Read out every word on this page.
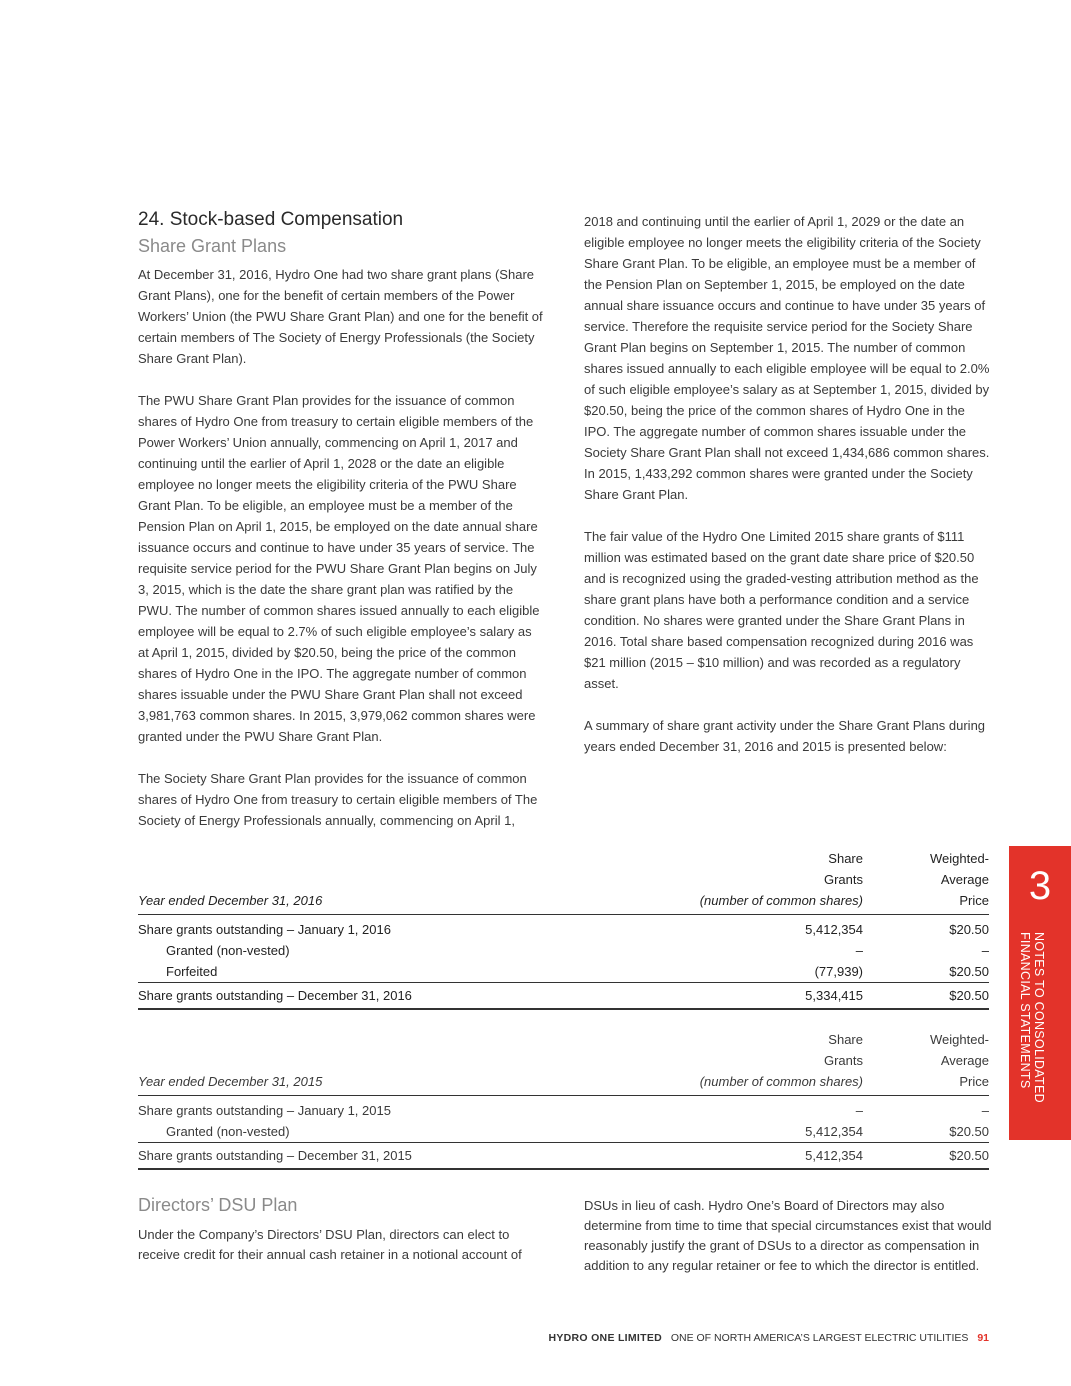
24. Stock-based Compensation
Share Grant Plans

At December 31, 2016, Hydro One had two share grant plans (Share Grant Plans), one for the benefit of certain members of the Power Workers’ Union (the PWU Share Grant Plan) and one for the benefit of certain members of The Society of Energy Professionals (the Society Share Grant Plan).

The PWU Share Grant Plan provides for the issuance of common shares of Hydro One from treasury to certain eligible members of the Power Workers’ Union annually, commencing on April 1, 2017 and continuing until the earlier of April 1, 2028 or the date an eligible employee no longer meets the eligibility criteria of the PWU Share Grant Plan. To be eligible, an employee must be a member of the Pension Plan on April 1, 2015, be employed on the date annual share issuance occurs and continue to have under 35 years of service. The requisite service period for the PWU Share Grant Plan begins on July 3, 2015, which is the date the share grant plan was ratified by the PWU. The number of common shares issued annually to each eligible employee will be equal to 2.7% of such eligible employee’s salary as at April 1, 2015, divided by $20.50, being the price of the common shares of Hydro One in the IPO. The aggregate number of common shares issuable under the PWU Share Grant Plan shall not exceed 3,981,763 common shares. In 2015, 3,979,062 common shares were granted under the PWU Share Grant Plan.

The Society Share Grant Plan provides for the issuance of common shares of Hydro One from treasury to certain eligible members of The Society of Energy Professionals annually, commencing on April 1,

2018 and continuing until the earlier of April 1, 2029 or the date an eligible employee no longer meets the eligibility criteria of the Society Share Grant Plan. To be eligible, an employee must be a member of the Pension Plan on September 1, 2015, be employed on the date annual share issuance occurs and continue to have under 35 years of service. Therefore the requisite service period for the Society Share Grant Plan begins on September 1, 2015. The number of common shares issued annually to each eligible employee will be equal to 2.0% of such eligible employee’s salary as at September 1, 2015, divided by $20.50, being the price of the common shares of Hydro One in the IPO. The aggregate number of common shares issuable under the Society Share Grant Plan shall not exceed 1,434,686 common shares. In 2015, 1,433,292 common shares were granted under the Society Share Grant Plan.

The fair value of the Hydro One Limited 2015 share grants of $111 million was estimated based on the grant date share price of $20.50 and is recognized using the graded-vesting attribution method as the share grant plans have both a performance condition and a service condition. No shares were granted under the Share Grant Plans in 2016. Total share based compensation recognized during 2016 was $21 million (2015 – $10 million) and was recorded as a regulatory asset.

A summary of share grant activity under the Share Grant Plans during years ended December 31, 2016 and 2015 is presented below:

	Share	Weighted-
	Grants	Average
Year ended December 31, 2016	(number of common shares)	Price
Share grants outstanding – January 1, 2016	5,412,354	$20.50
Granted (non-vested)	–	–
Forfeited	(77,939)	$20.50
Share grants outstanding – December 31, 2016	5,334,415	$20.50
	Share	Weighted-
	Grants	Average
Year ended December 31, 2015	(number of common shares)	Price
Share grants outstanding – January 1, 2015	–	–
Granted (non-vested)	5,412,354	$20.50
Share grants outstanding – December 31, 2015	5,412,354	$20.50
Directors’ DSU Plan
Under the Company’s Directors’ DSU Plan, directors can elect to receive credit for their annual cash retainer in a notional account of
DSUs in lieu of cash. Hydro One’s Board of Directors may also determine from time to time that special circumstances exist that would reasonably justify the grant of DSUs to a director as compensation in addition to any regular retainer or fee to which the director is entitled.
3
NOTES TO CONSOLIDATED
FINANCIAL STATEMENTS
HYDRO ONE LIMITED ONE OF NORTH AMERICA’S LARGEST ELECTRIC UTILITIES 91
